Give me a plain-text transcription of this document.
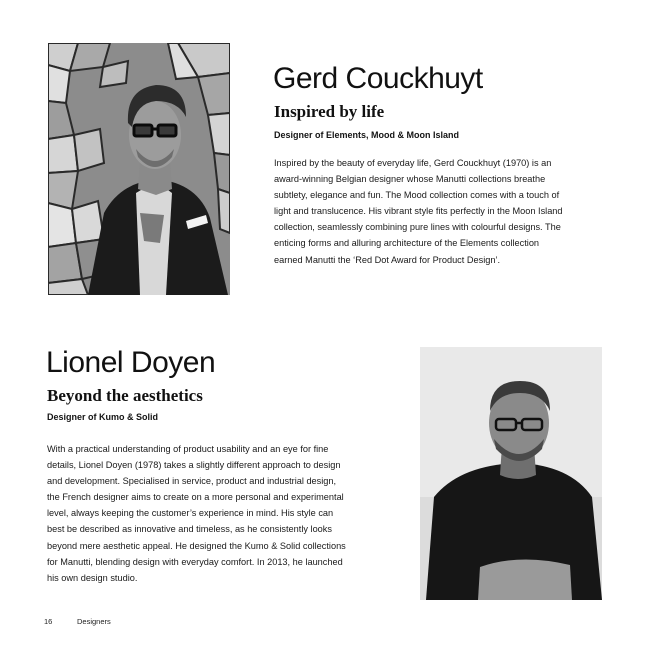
Gerd Couckhuyt
Inspired by life

Designer of Elements, Mood & Moon Island

Inspired by the beauty of everyday life, Gerd Couckhuyt (1970) is an
award-winning Belgian designer whose Manutti collections breathe
subtlety, elegance and fun. The Mood collection comes with a touch of
light and translucence. His vibrant style fits perfectly in the Moon Island
collection, seamlessly combining pure lines with colourful designs. The
enticing forms and alluring architecture of the Elements collection
earned Manutti the ‘Red Dot Award for Product Design’.
Lionel Doyen
Beyond the aesthetics

Designer of Kumo & Solid

With a practical understanding of product usability and an eye for fine
details, Lionel Doyen (1978) takes a slightly different approach to design
and development. Specialised in service, product and industrial design,
the French designer aims to create on a more personal and experimental
level, always keeping the customer’s experience in mind. His style can
best be described as innovative and timeless, as he consistently looks
beyond mere aesthetic appeal. He designed the Kumo & Solid collections
for Manutti, blending design with everyday comfort. In 2013, he launched
his own design studio.
16	Designers
